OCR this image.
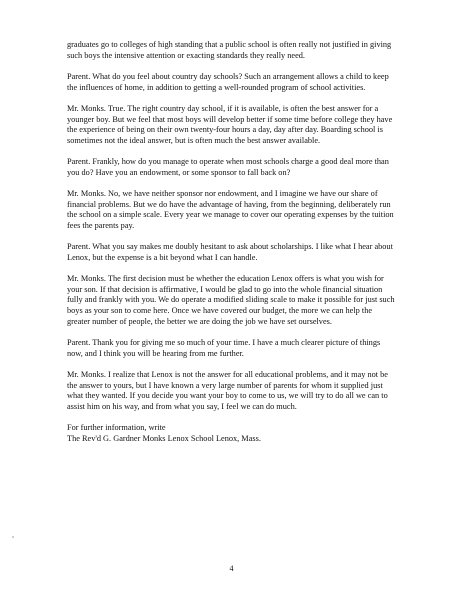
graduates go to colleges of high standing that a public school is often really not justified in giving such boys the intensive attention or exacting standards they really need.

Parent. What do you feel about country day schools? Such an arrangement allows a child to keep the influences of home, in addition to getting a well-rounded program of school activities.

Mr. Monks. True. The right country day school, if it is available, is often the best answer for a younger boy. But we feel that most boys will develop better if some time before college they have the experience of being on their own twenty-four hours a day, day after day. Boarding school is sometimes not the ideal answer, but is often much the best answer available.

Parent. Frankly, how do you manage to operate when most schools charge a good deal more than you do? Have you an endowment, or some sponsor to fall back on?

Mr. Monks. No, we have neither sponsor nor endowment, and I imagine we have our share of financial problems. But we do have the advantage of having, from the beginning, deliberately run the school on a simple scale. Every year we manage to cover our operating expenses by the tuition fees the parents pay.

Parent. What you say makes me doubly hesitant to ask about scholarships. I like what I hear about Lenox, but the expense is a bit beyond what I can handle.

Mr. Monks. The first decision must be whether the education Lenox offers is what you wish for your son. If that decision is affirmative, I would be glad to go into the whole financial situation fully and frankly with you. We do operate a modified sliding scale to make it possible for just such boys as your son to come here. Once we have covered our budget, the more we can help the greater number of people, the better we are doing the job we have set ourselves.

Parent. Thank you for giving me so much of your time. I have a much clearer picture of things now, and I think you will be hearing from me further.

Mr. Monks. I realize that Lenox is not the answer for all educational problems, and it may not be the answer to yours, but I have known a very large number of parents for whom it supplied just what they wanted. If you decide you want your boy to come to us, we will try to do all we can to assist him on his way, and from what you say, I feel we can do much.

For further information, write
The Rev'd G. Gardner Monks Lenox School Lenox, Mass.
4
